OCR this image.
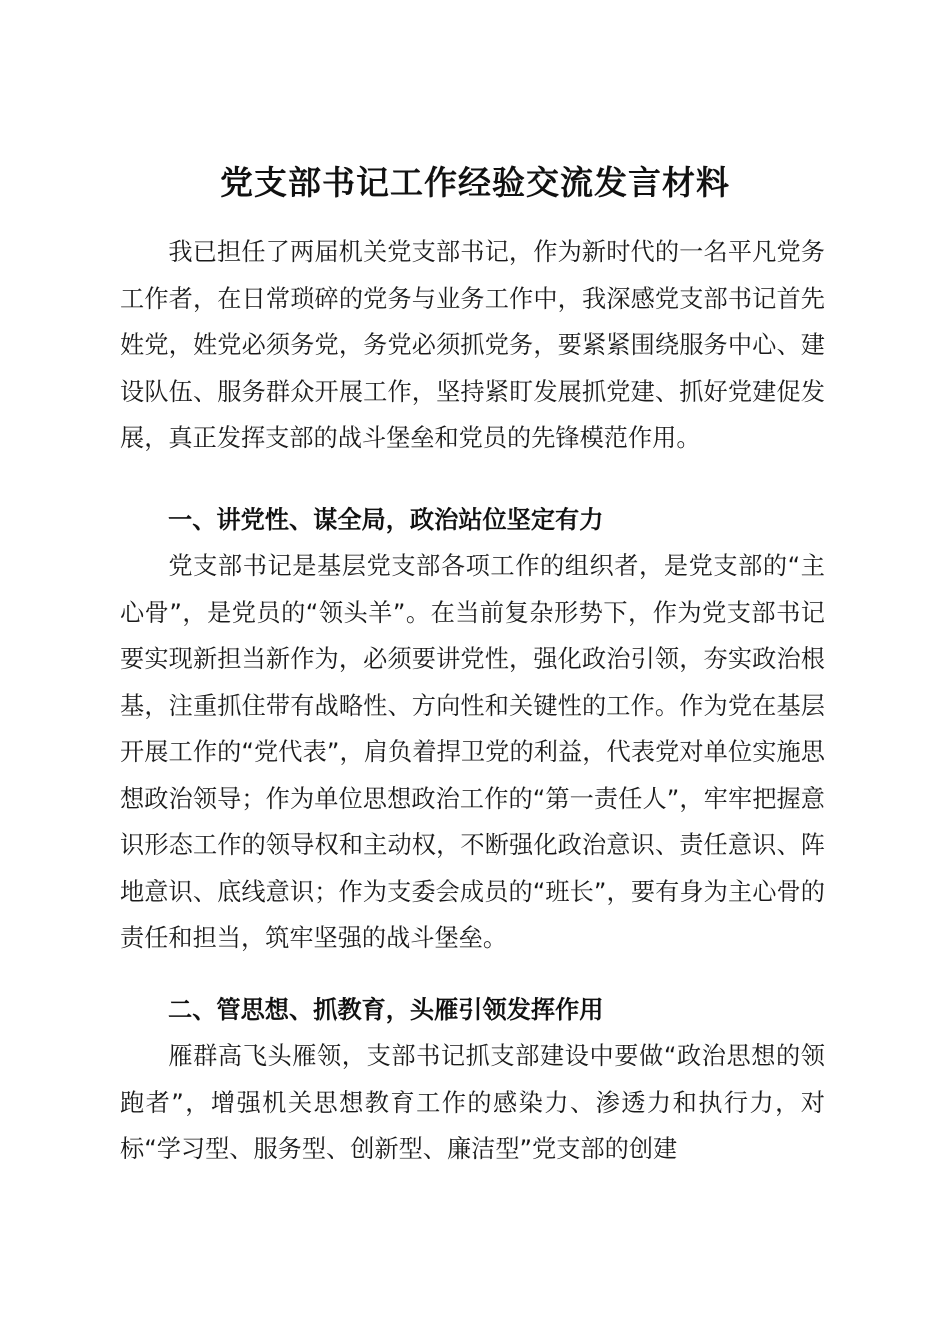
党支部书记工作经验交流发言材料

我已担任了两届机关党支部书记，作为新时代的一名平凡党务工作者，在日常琐碎的党务与业务工作中，我深感党支部书记首先姓党，姓党必须务党，务党必须抓党务，要紧紧围绕服务中心、建设队伍、服务群众开展工作，坚持紧盯发展抓党建、抓好党建促发展，真正发挥支部的战斗堡垒和党员的先锋模范作用。

一、讲党性、谋全局，政治站位坚定有力

党支部书记是基层党支部各项工作的组织者，是党支部的“主心骨”，是党员的“领头羊”。在当前复杂形势下，作为党支部书记要实现新担当新作为，必须要讲党性，强化政治引领，夯实政治根基，注重抓住带有战略性、方向性和关键性的工作。作为党在基层开展工作的“党代表”，肩负着捍卫党的利益，代表党对单位实施思想政治领导；作为单位思想政治工作的“第一责任人”，牢牢把握意识形态工作的领导权和主动权，不断强化政治意识、责任意识、阵地意识、底线意识；作为支委会成员的“班长”，要有身为主心骨的责任和担当，筑牢坚强的战斗堡垒。

二、管思想、抓教育，头雁引领发挥作用

雁群高飞头雁领，支部书记抓支部建设中要做“政治思想的领跑者”，增强机关思想教育工作的感染力、渗透力和执行力，对标“学习型、服务型、创新型、廉洁型”党支部的创建
